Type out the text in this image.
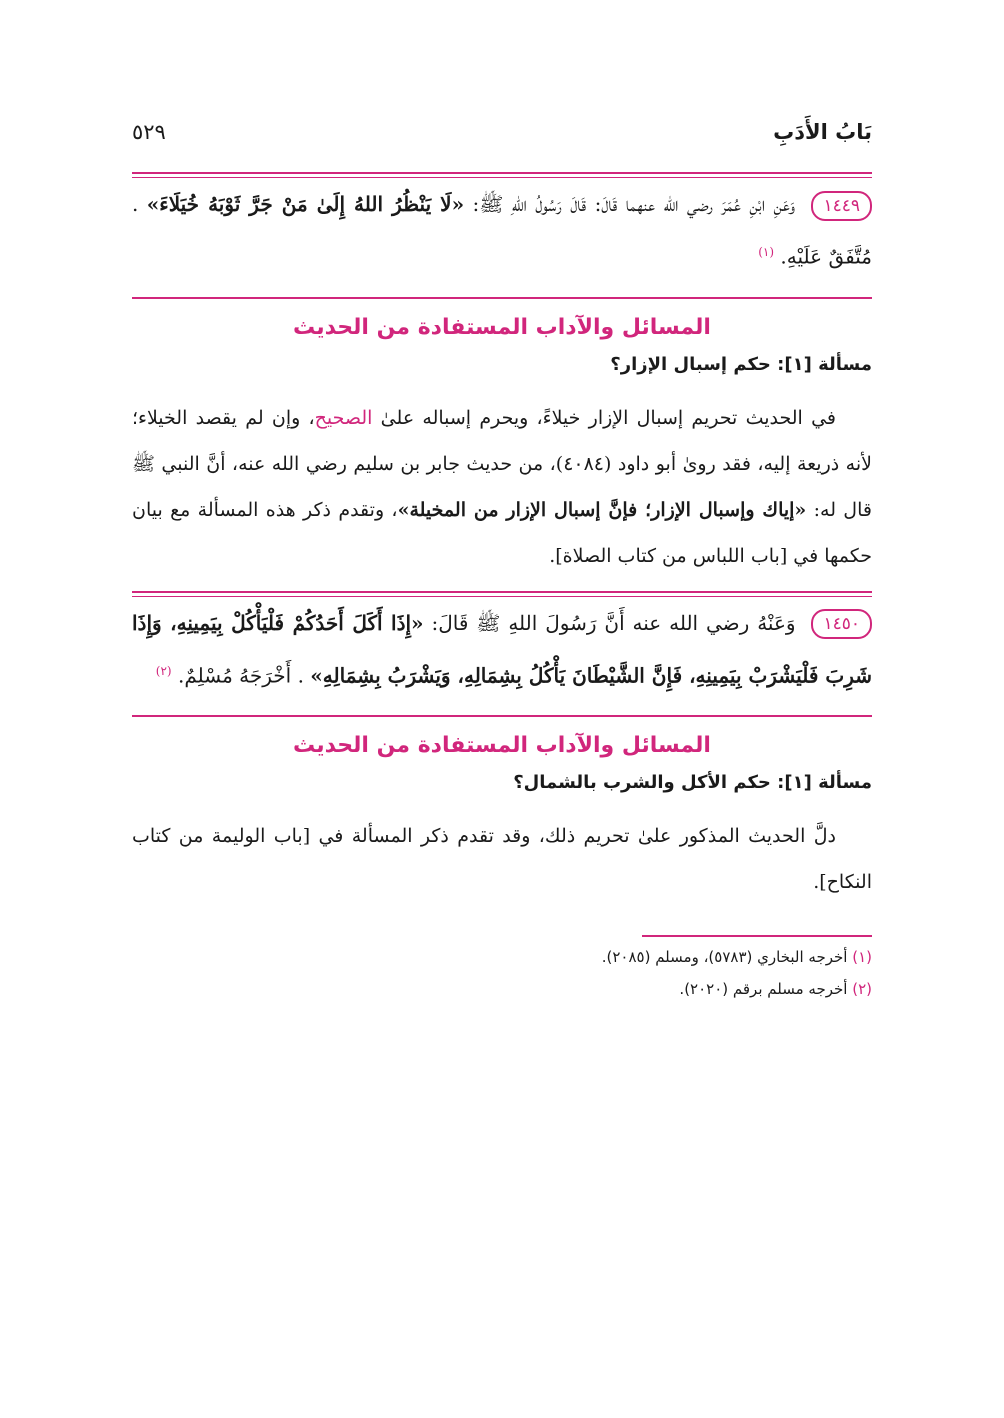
بَابُ الأَدَبِ
٥٢٩
١٤٤٩ وَعَنِ ابْنِ عُمَرَ رضي الله عنهما قَالَ: قَالَ رَسُولُ اللهِ ﷺ: «لَا يَنْظُرُ اللهُ إِلَىٰ مَنْ جَرَّ ثَوْبَهُ خُيَلَاءَ» . مُتَّفَقٌ عَلَيْهِ. $^{(١)}$
المسائل والآداب المستفادة من الحديث
مسألة [١]: حكم إسبال الإزار؟
في الحديث تحريم إسبال الإزار خيلاءً، ويحرم إسباله علىٰ الصحيح، وإن لم يقصد الخيلاء؛ لأنه ذريعة إليه، فقد روىٰ أبو داود (٤٠٨٤)، من حديث جابر بن سليم رضي الله عنه، أنَّ النبي ﷺ قال له: «إياك وإسبال الإزار؛ فإنَّ إسبال الإزار من المخيلة»، وتقدم ذكر هذه المسألة مع بيان حكمها في [باب اللباس من كتاب الصلاة].
١٤٥٠ وَعَنْهُ رضي الله عنه أَنَّ رَسُولَ اللهِ ﷺ قَالَ: «إِذَا أَكَلَ أَحَدُكُمْ فَلْيَأْكُلْ بِيَمِينِهِ، وَإِذَا شَرِبَ فَلْيَشْرَبْ بِيَمِينِهِ، فَإِنَّ الشَّيْطَانَ يَأْكُلُ بِشِمَالِهِ، وَيَشْرَبُ بِشِمَالِهِ» . أَخْرَجَهُ مُسْلِمٌ. $^{(٢)}$
المسائل والآداب المستفادة من الحديث
مسألة [١]: حكم الأكل والشرب بالشمال؟
دلَّ الحديث المذكور علىٰ تحريم ذلك، وقد تقدم ذكر المسألة في [باب الوليمة من كتاب النكاح].
(١) أخرجه البخاري (٥٧٨٣)، ومسلم (٢٠٨٥).
(٢) أخرجه مسلم برقم (٢٠٢٠).
